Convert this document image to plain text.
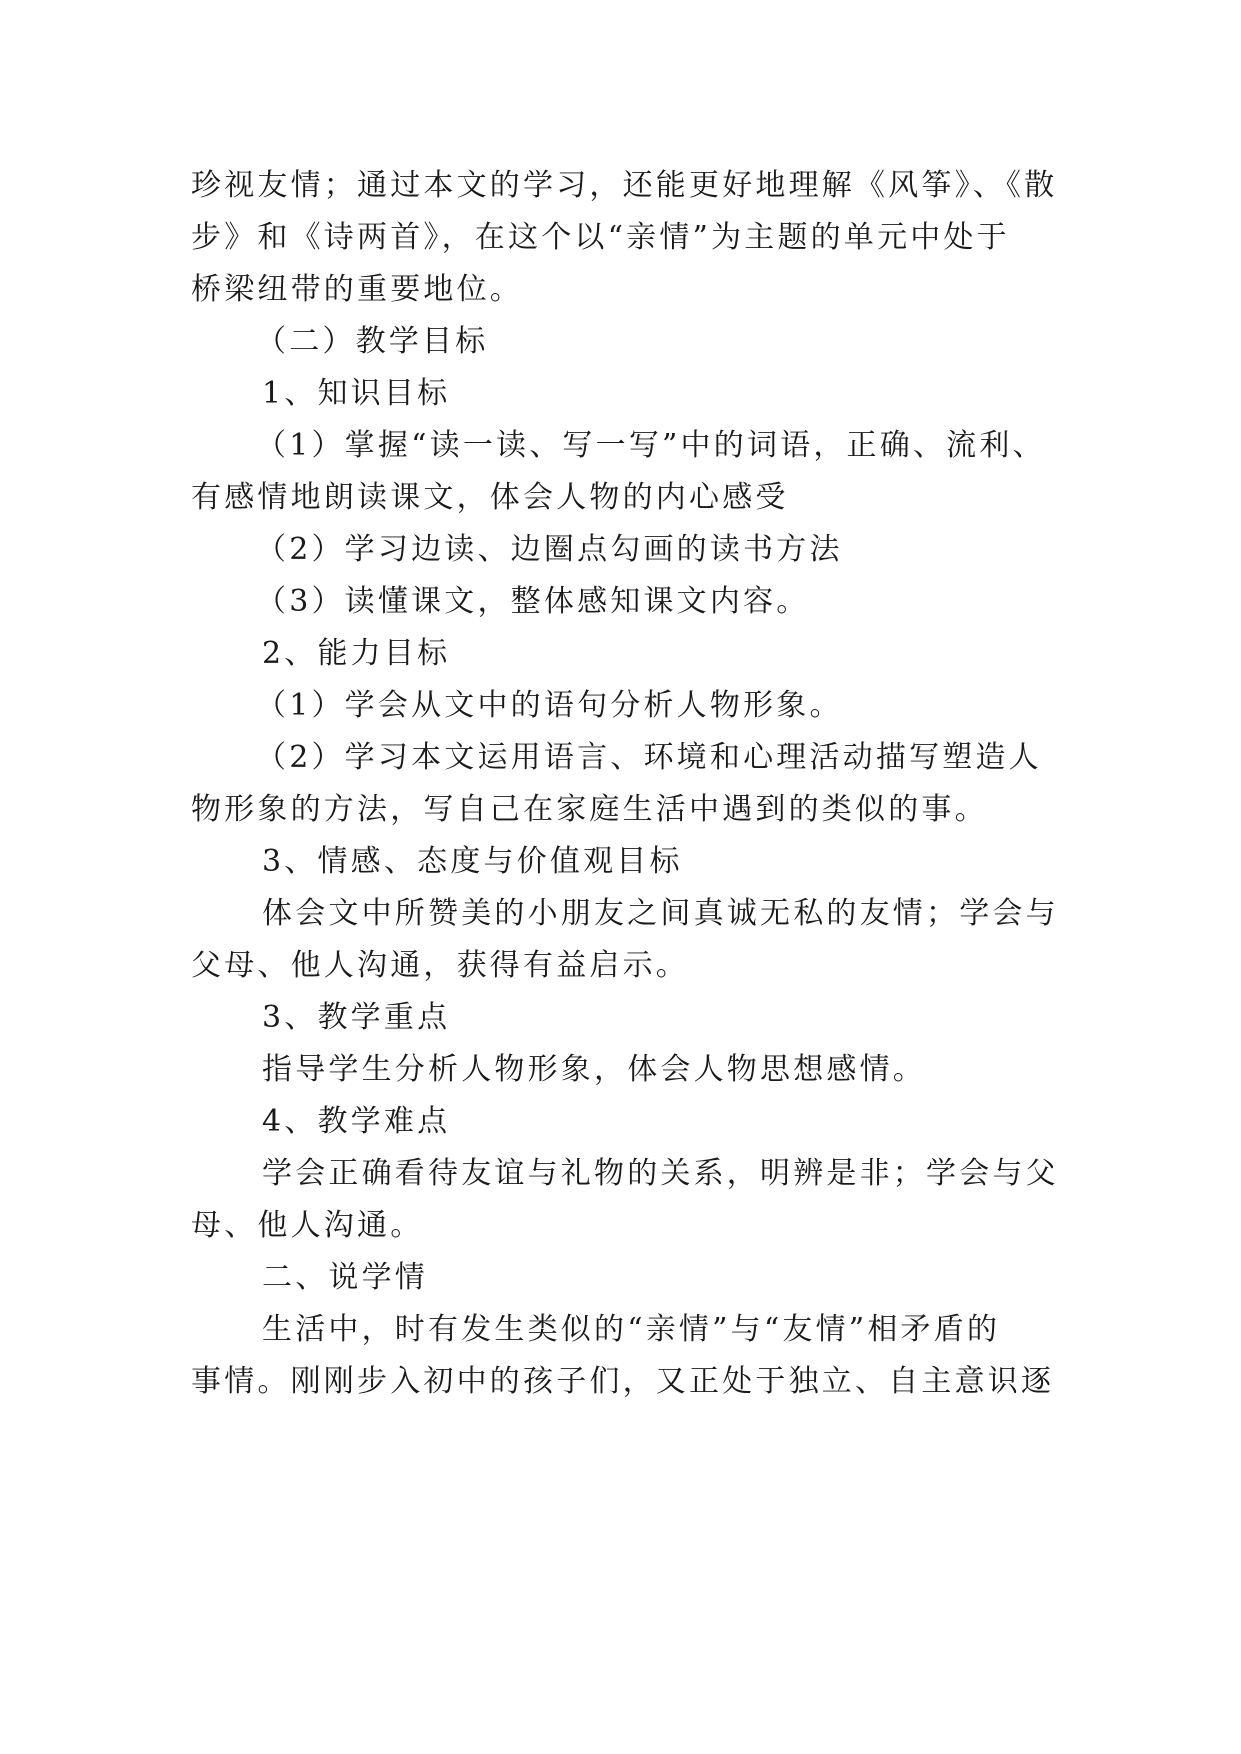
珍视友情；通过本文的学习，还能更好地理解《风筝》、《散
步》和《诗两首》，在这个以“亲情”为主题的单元中处于
桥梁纽带的重要地位。
（二）教学目标
1、知识目标
（1）掌握“读一读、写一写”中的词语，正确、流利、
有感情地朗读课文，体会人物的内心感受
（2）学习边读、边圈点勾画的读书方法
（3）读懂课文，整体感知课文内容。
2、能力目标
（1）学会从文中的语句分析人物形象。
（2）学习本文运用语言、环境和心理活动描写塑造人
物形象的方法，写自己在家庭生活中遇到的类似的事。
3、情感、态度与价值观目标
体会文中所赞美的小朋友之间真诚无私的友情；学会与
父母、他人沟通，获得有益启示。
3、教学重点
指导学生分析人物形象，体会人物思想感情。
4、教学难点
学会正确看待友谊与礼物的关系，明辨是非；学会与父
母、他人沟通。
二、说学情
生活中，时有发生类似的“亲情”与“友情”相矛盾的
事情。刚刚步入初中的孩子们，又正处于独立、自主意识逐
